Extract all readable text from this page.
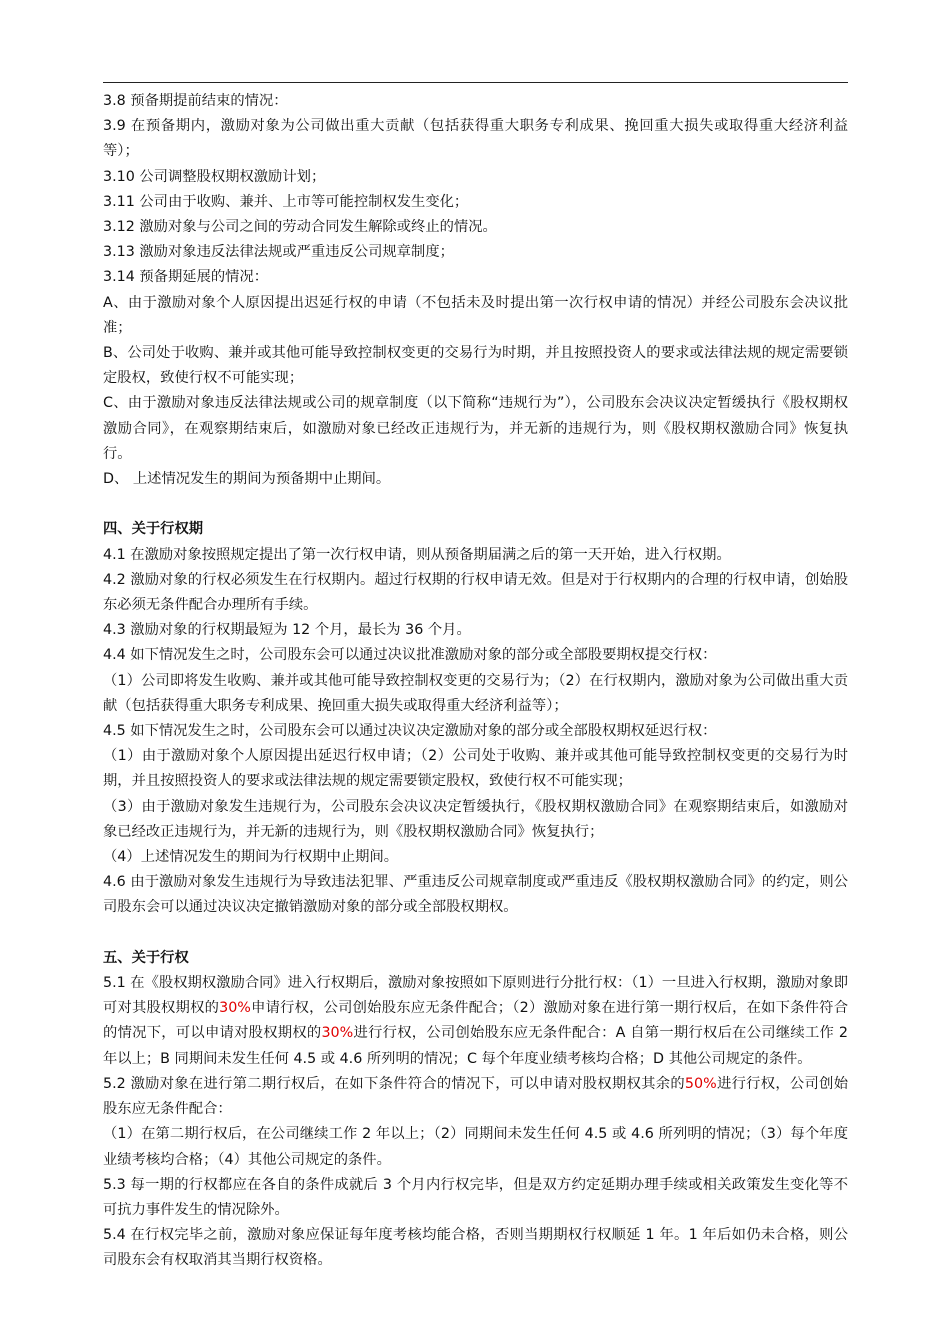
3.8 预备期提前结束的情况：

3.9 在预备期内，激励对象为公司做出重大贡献（包括获得重大职务专利成果、挽回重大损失或取得重大经济利益等）；

3.10 公司调整股权期权激励计划；

3.11 公司由于收购、兼并、上市等可能控制权发生变化；

3.12 激励对象与公司之间的劳动合同发生解除或终止的情况。

3.13 激励对象违反法律法规或严重违反公司规章制度；

3.14 预备期延展的情况：

A、由于激励对象个人原因提出迟延行权的申请（不包括未及时提出第一次行权申请的情况）并经公司股东会决议批准；

B、公司处于收购、兼并或其他可能导致控制权变更的交易行为时期，并且按照投资人的要求或法律法规的规定需要锁定股权，致使行权不可能实现；

C、由于激励对象违反法律法规或公司的规章制度（以下简称“违规行为”），公司股东会决议决定暂缓执行《股权期权激励合同》，在观察期结束后，如激励对象已经改正违规行为，并无新的违规行为，则《股权期权激励合同》恢复执行。

D、 上述情况发生的期间为预备期中止期间。

四、关于行权期

4.1 在激励对象按照规定提出了第一次行权申请，则从预备期届满之后的第一天开始，进入行权期。

4.2 激励对象的行权必须发生在行权期内。超过行权期的行权申请无效。但是对于行权期内的合理的行权申请，创始股东必须无条件配合办理所有手续。

4.3 激励对象的行权期最短为 12 个月，最长为 36 个月。

4.4 如下情况发生之时，公司股东会可以通过决议批准激励对象的部分或全部股要期权提交行权：

（1）公司即将发生收购、兼并或其他可能导致控制权变更的交易行为；（2）在行权期内，激励对象为公司做出重大贡献（包括获得重大职务专利成果、挽回重大损失或取得重大经济利益等）；

4.5 如下情况发生之时，公司股东会可以通过决议决定激励对象的部分或全部股权期权延迟行权：

（1）由于激励对象个人原因提出延迟行权申请；（2）公司处于收购、兼并或其他可能导致控制权变更的交易行为时期，并且按照投资人的要求或法律法规的规定需要锁定股权，致使行权不可能实现；

（3）由于激励对象发生违规行为，公司股东会决议决定暂缓执行，《股权期权激励合同》在观察期结束后，如激励对象已经改正违规行为，并无新的违规行为，则《股权期权激励合同》恢复执行；

（4）上述情况发生的期间为行权期中止期间。

4.6 由于激励对象发生违规行为导致违法犯罪、严重违反公司规章制度或严重违反《股权期权激励合同》的约定，则公司股东会可以通过决议决定撤销激励对象的部分或全部股权期权。

五、关于行权

5.1 在《股权期权激励合同》进入行权期后，激励对象按照如下原则进行分批行权：（1）一旦进入行权期，激励对象即可对其股权期权的30%申请行权，公司创始股东应无条件配合；（2）激励对象在进行第一期行权后，在如下条件符合的情况下，可以申请对股权期权的30%进行行权，公司创始股东应无条件配合：A 自第一期行权后在公司继续工作 2 年以上；B 同期间未发生任何 4.5 或 4.6 所列明的情况；C 每个年度业绩考核均合格；D 其他公司规定的条件。

5.2 激励对象在进行第二期行权后，在如下条件符合的情况下，可以申请对股权期权其余的50%进行行权，公司创始股东应无条件配合：

（1）在第二期行权后，在公司继续工作 2 年以上；（2）同期间未发生任何 4.5 或 4.6 所列明的情况；（3）每个年度业绩考核均合格；（4）其他公司规定的条件。

5.3 每一期的行权都应在各自的条件成就后 3 个月内行权完毕，但是双方约定延期办理手续或相关政策发生变化等不可抗力事件发生的情况除外。

5.4 在行权完毕之前，激励对象应保证每年度考核均能合格，否则当期期权行权顺延 1 年。1 年后如仍未合格，则公司股东会有权取消其当期行权资格。
